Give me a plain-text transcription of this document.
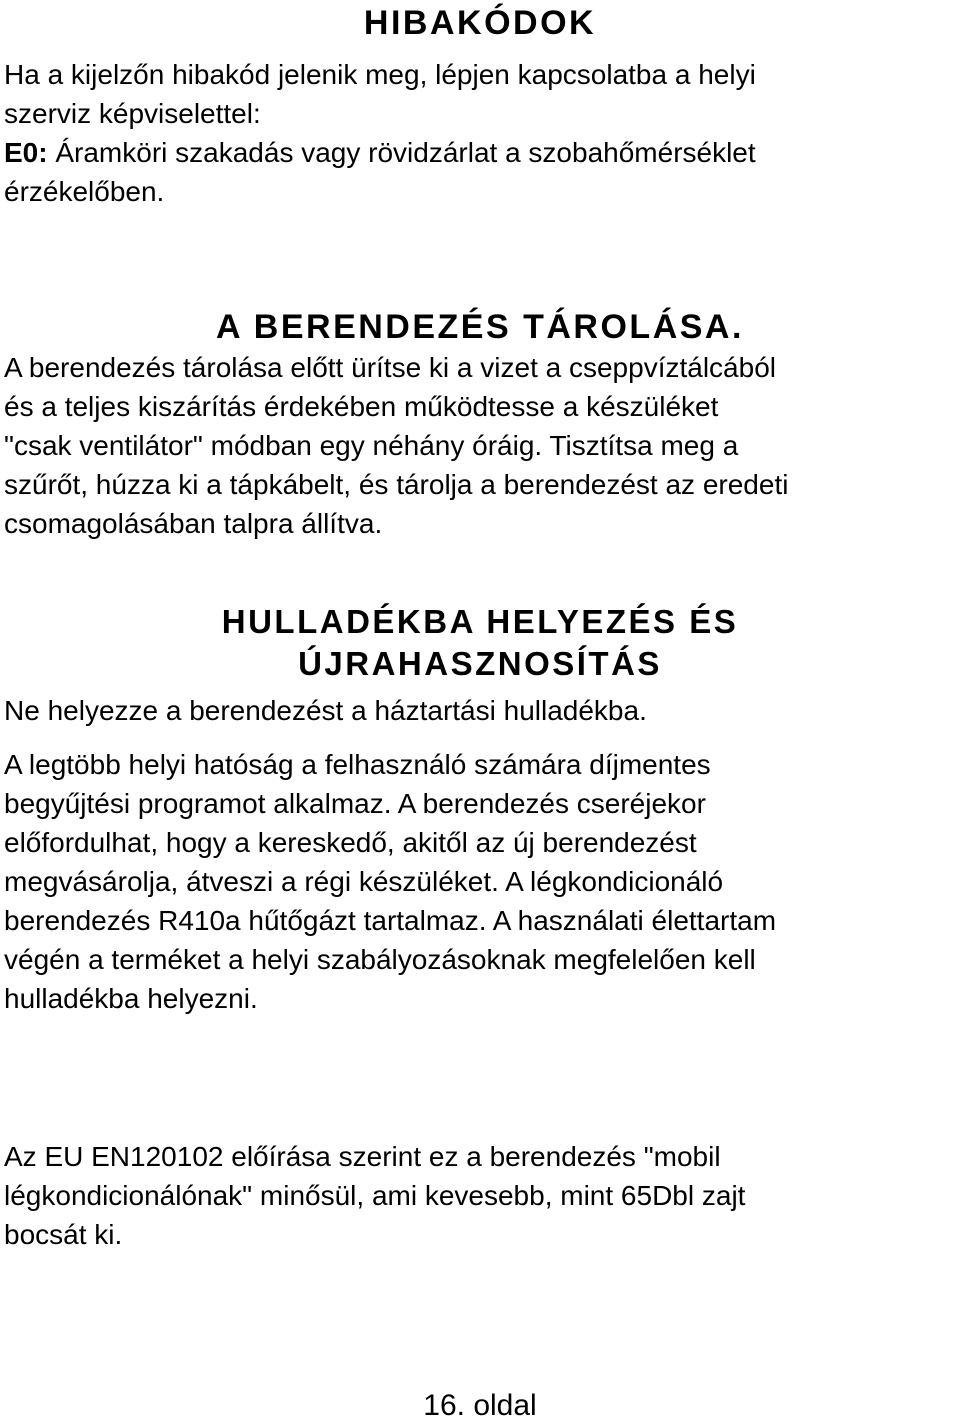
HIBAKÓDOK
Ha a kijelzőn hibakód jelenik meg, lépjen kapcsolatba a helyi
szerviz képviselettel:
E0: Áramköri szakadás vagy rövidzárlat a szobahőmérséklet
érzékelőben.
A BERENDEZÉS TÁROLÁSA.
A berendezés tárolása előtt ürítse ki a vizet a cseppvíztálcából
és a teljes kiszárítás érdekében működtesse a készüléket
"csak ventilátor" módban egy néhány óráig. Tisztítsa meg a
szűrőt, húzza ki a tápkábelt, és tárolja a berendezést az eredeti
csomagolásában talpra állítva.
HULLADÉKBA HELYEZÉS ÉS
ÚJRAHASZNOSÍTÁS
Ne helyezze a berendezést a háztartási hulladékba.
A legtöbb helyi hatóság a felhasználó számára díjmentes
begyűjtési programot alkalmaz. A berendezés cseréjekor
előfordulhat, hogy a kereskedő, akitől az új berendezést
megvásárolja, átveszi a régi készüléket. A légkondicionáló
berendezés R410a hűtőgázt tartalmaz. A használati élettartam
végén a terméket a helyi szabályozásoknak megfelelően kell
hulladékba helyezni.
Az EU EN120102 előírása szerint ez a berendezés "mobil
légkondicionálónak" minősül, ami kevesebb, mint 65Dbl zajt
bocsát ki.
16. oldal
